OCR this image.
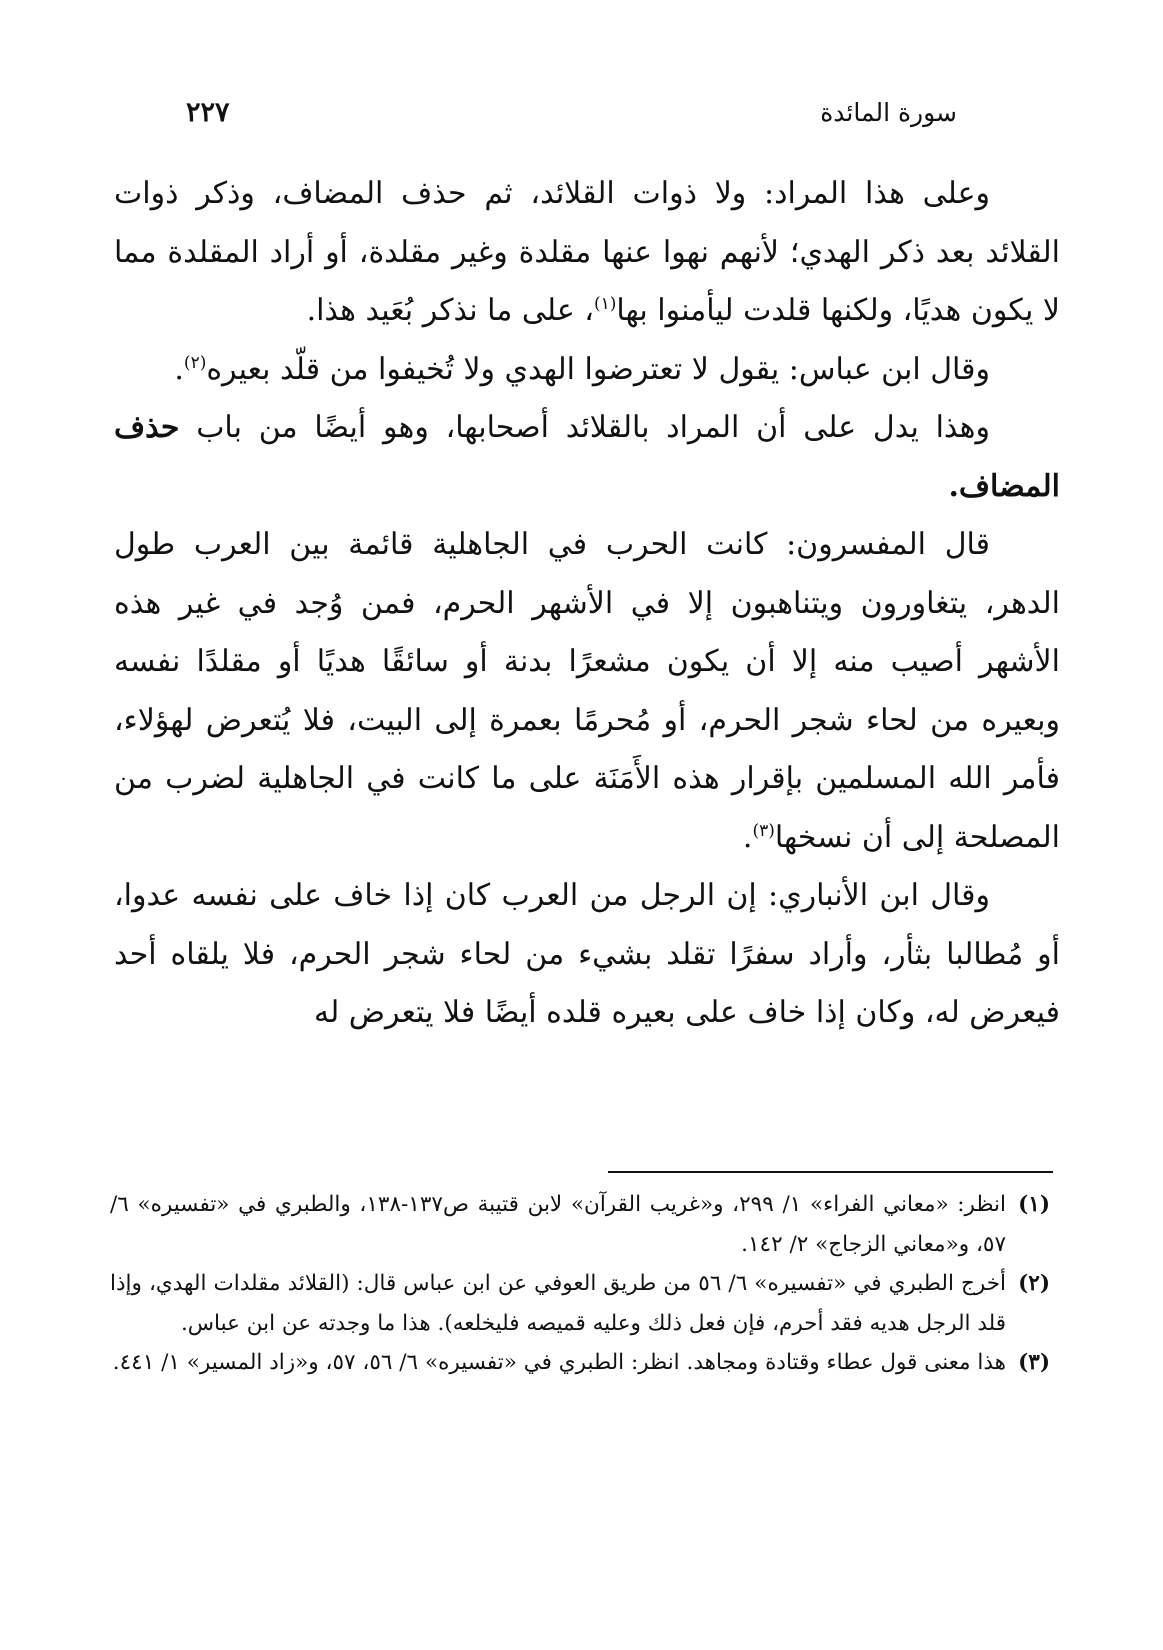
سورة المائدة
٢٢٧

وعلى هذا المراد: ولا ذوات القلائد، ثم حذف المضاف، وذكر ذوات القلائد بعد ذكر الهدي؛ لأنهم نهوا عنها مقلدة وغير مقلدة، أو أراد المقلدة مما لا يكون هديًا، ولكنها قلدت ليأمنوا بها$^{(١)}$، على ما نذكر بُعَيد هذا.

وقال ابن عباس: يقول لا تعترضوا الهدي ولا تُخيفوا من قلّد بعيره$^{(٢)}$.

وهذا يدل على أن المراد بالقلائد أصحابها، وهو أيضًا من باب حذف المضاف.

قال المفسرون: كانت الحرب في الجاهلية قائمة بين العرب طول الدهر، يتغاورون ويتناهبون إلا في الأشهر الحرم، فمن وُجد في غير هذه الأشهر أصيب منه إلا أن يكون مشعرًا بدنة أو سائقًا هديًا أو مقلدًا نفسه وبعيره من لحاء شجر الحرم، أو مُحرمًا بعمرة إلى البيت، فلا يُتعرض لهؤلاء، فأمر الله المسلمين بإقرار هذه الأَمَنَة على ما كانت في الجاهلية لضرب من المصلحة إلى أن نسخها$^{(٣)}$.

وقال ابن الأنباري: إن الرجل من العرب كان إذا خاف على نفسه عدوا، أو مُطالبا بثأر، وأراد سفرًا تقلد بشيء من لحاء شجر الحرم، فلا يلقاه أحد فيعرض له، وكان إذا خاف على بعيره قلده أيضًا فلا يتعرض له

(١)

انظر: «معاني الفراء» ١/ ٢٩٩، و«غريب القرآن» لابن قتيبة ص١٣٧-١٣٨، والطبري في «تفسيره» ٦/ ٥٧، و«معاني الزجاج» ٢/ ١٤٢.

(٢)

أخرج الطبري في «تفسيره» ٦/ ٥٦ من طريق العوفي عن ابن عباس قال: (القلائد مقلدات الهدي، وإذا قلد الرجل هديه فقد أحرم، فإن فعل ذلك وعليه قميصه فليخلعه). هذا ما وجدته عن ابن عباس.

(٣)

هذا معنى قول عطاء وقتادة ومجاهد. انظر: الطبري في «تفسيره» ٦/ ٥٦، ٥٧، و«زاد المسير» ١/ ٤٤١.
